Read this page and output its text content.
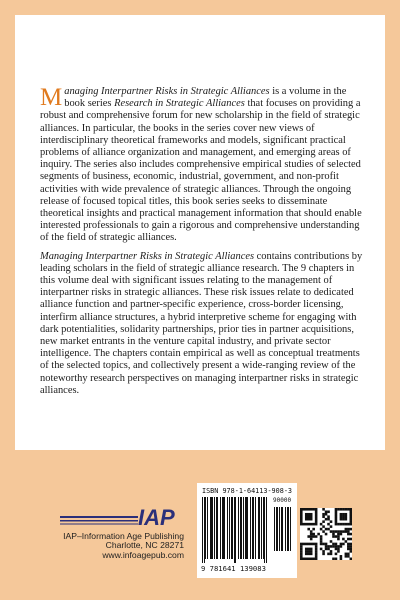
Managing Interpartner Risks in Strategic Alliances is a volume in the book series Research in Strategic Alliances that focuses on providing a robust and comprehensive forum for new scholarship in the field of strategic alliances. In particular, the books in the series cover new views of interdisciplinary theoretical frameworks and models, significant practical problems of alliance organization and management, and emerging areas of inquiry. The series also includes comprehensive empirical studies of selected segments of business, economic, industrial, government, and non-profit activities with wide prevalence of strategic alliances. Through the ongoing release of focused topical titles, this book series seeks to disseminate theoretical insights and practical management information that should enable interested professionals to gain a rigorous and comprehensive understanding of the field of strategic alliances.

Managing Interpartner Risks in Strategic Alliances contains contributions by leading scholars in the field of strategic alliance research. The 9 chapters in this volume deal with significant issues relating to the management of interpartner risks in strategic alliances. These risk issues relate to dedicated alliance function and partner-specific experience, cross-border licensing, interfirm alliance structures, a hybrid interpretive scheme for engaging with dark potentialities, solidarity partnerships, prior ties in partner acquisitions, new market entrants in the venture capital industry, and private sector intelligence. The chapters contain empirical as well as conceptual treatments of the selected topics, and collectively present a wide-ranging review of the noteworthy research perspectives on managing interpartner risks in strategic alliances.

IAP
IAP–Information Age Publishing
Charlotte, NC 28271
www.infoagepub.com
ISBN 978-1-64113-908-3
90000
9 781641 139083
